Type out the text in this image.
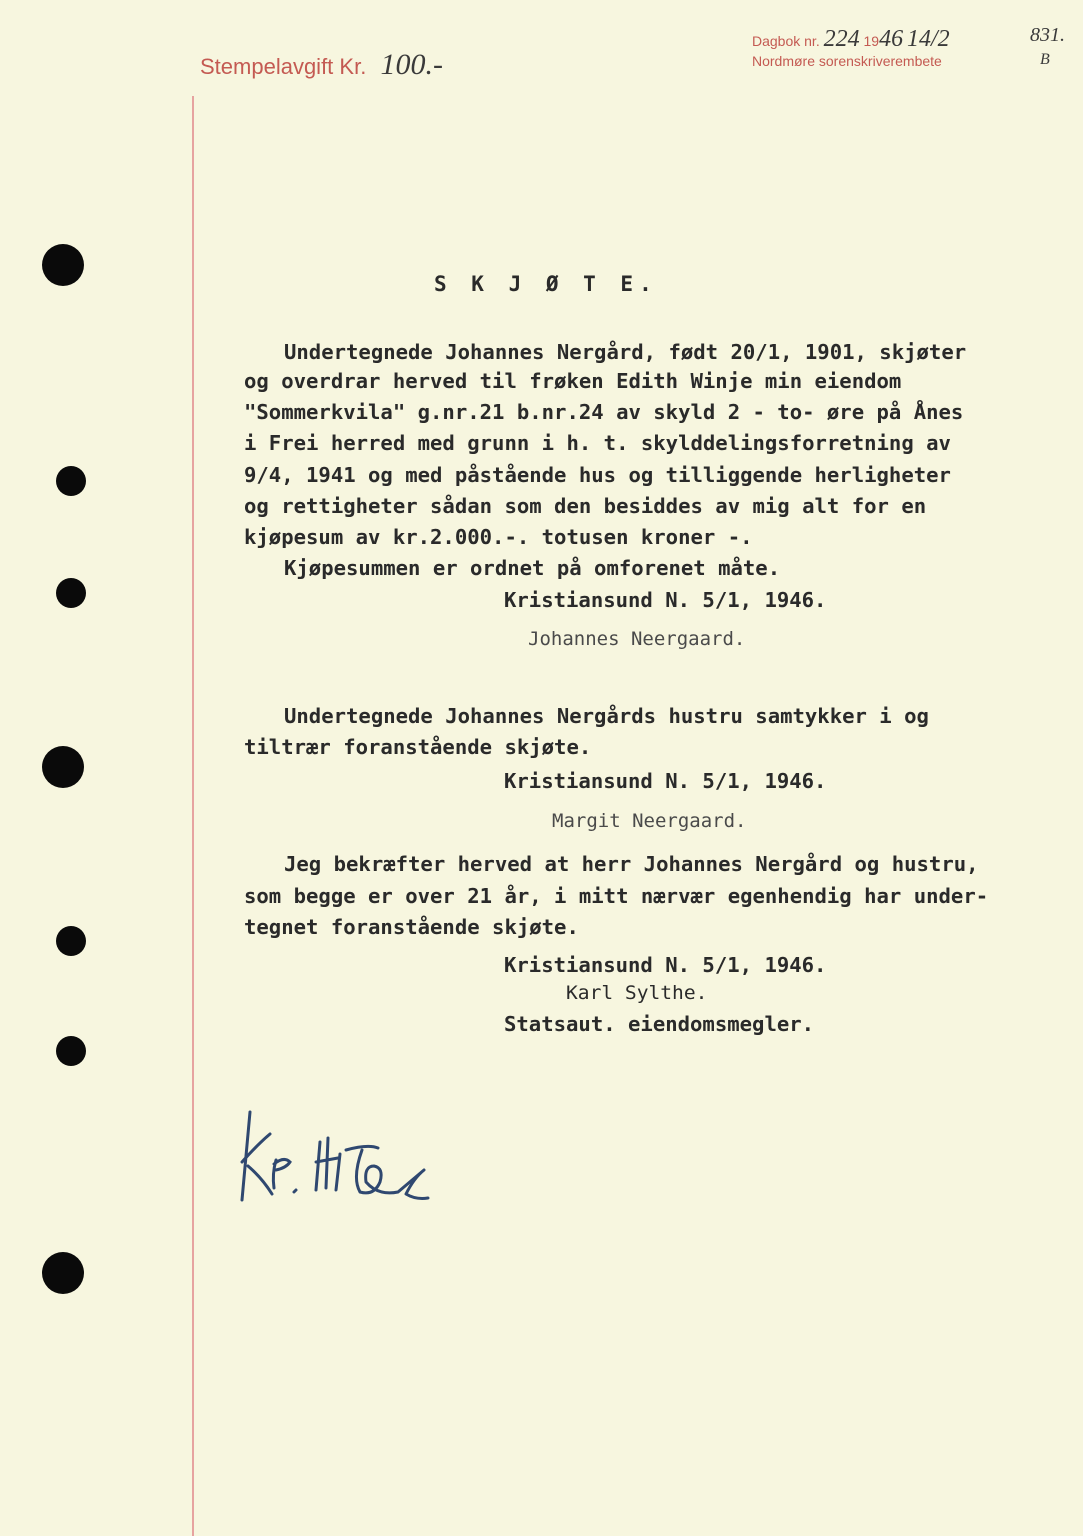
Stempelavgift Kr. 100.-
Dagbok nr. 224 1946 14/2
Nordmøre sorenskriverembete
831.
B
S K J Ø T E.
Undertegnede Johannes Nergård, født 20/1, 1901, skjøter
og overdrar herved til frøken Edith Winje min eiendom
"Sommerkvila" g.nr.21 b.nr.24 av skyld 2 - to- øre på Ånes
i Frei herred med grunn i h. t. skylddelingsforretning av
9/4, 1941 og med påstående hus og tilliggende herligheter
og rettigheter sådan som den besiddes av mig alt for en
kjøpesum av kr.2.000.-. totusen kroner -.
Kjøpesummen er ordnet på omforenet måte.
Kristiansund N. 5/1, 1946.
Johannes Neergaard.
Undertegnede Johannes Nergårds hustru samtykker i og
tiltrær foranstående skjøte.
Kristiansund N. 5/1, 1946.
Margit Neergaard.
Jeg bekræfter herved at herr Johannes Nergård og hustru,
som begge er over 21 år, i mitt nærvær egenhendig har under-
tegnet foranstående skjøte.
Kristiansund N. 5/1, 1946.
Karl Sylthe.
Statsaut. eiendomsmegler.
